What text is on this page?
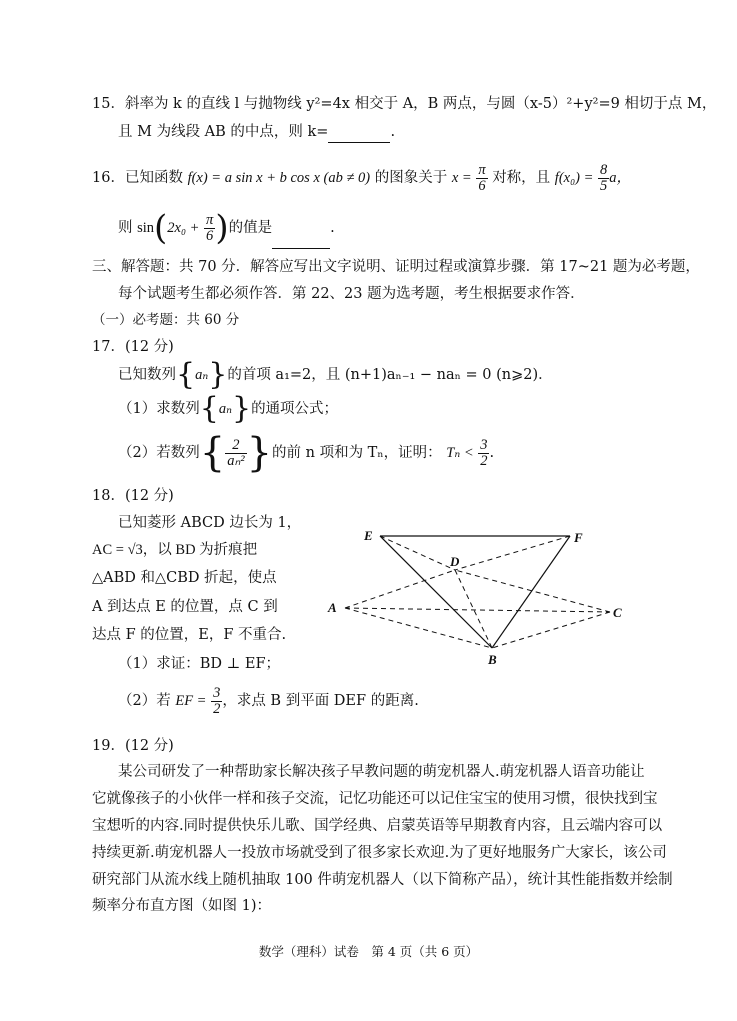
15．斜率为 k 的直线 l 与抛物线 y²=4x 相交于 A，B 两点，与圆（x-5）²+y²=9 相切于点 M，
且 M 为线段 AB 的中点，则 k=	.
16．已知函数 f(x) = a sin x + b cos x (ab ≠ 0) 的图象关于 $x = \frac{\pi}{6}$ 对称，且 $f(x_0) = \frac{8}{5}$ a，
则 $\sin(2x_0 + \frac{\pi}{6}$ )的值是	.
三、解答题：共 70 分．解答应写出文字说明、证明过程或演算步骤．第 17~21 题为必考题，
每个试题考生都必须作答．第 22、23 题为选考题，考生根据要求作答．
（一）必考题：共 60 分
17．(12 分)
已知数列{aₙ}的首项 a₁=2，且 (n+1)aₙ₋₁ − naₙ = 0 (n⩾2)．
（1）求数列{aₙ}的通项公式；
（2）若数列{ $\frac{2}{\text{aₙ²}}$ }的前 n 项和为 Tₙ，证明： $T_n < \frac{3}{2}$ .
18．(12 分)
已知菱形 ABCD 边长为 1，
AC = √3，以 BD 为折痕把
△ABD 和△CBD 折起，使点
A 到达点 E 的位置，点 C 到
达点 F 的位置，E，F 不重合.
（1）求证：BD ⊥ EF；
（2）若 EF = $\frac{3}{2}$ ，求点 B 到平面 DEF 的距离.
E	F
D
A	C
B
19．(12 分)
某公司研发了一种帮助家长解决孩子早教问题的萌宠机器人.萌宠机器人语音功能让
它就像孩子的小伙伴一样和孩子交流，记忆功能还可以记住宝宝的使用习惯，很快找到宝
宝想听的内容.同时提供快乐儿歌、国学经典、启蒙英语等早期教育内容，且云端内容可以
持续更新.萌宠机器人一投放市场就受到了很多家长欢迎.为了更好地服务广大家长，该公司
研究部门从流水线上随机抽取 100 件萌宠机器人（以下简称产品），统计其性能指数并绘制
频率分布直方图（如图 1)：
数学（理科）试卷　第 4 页（共 6 页）
